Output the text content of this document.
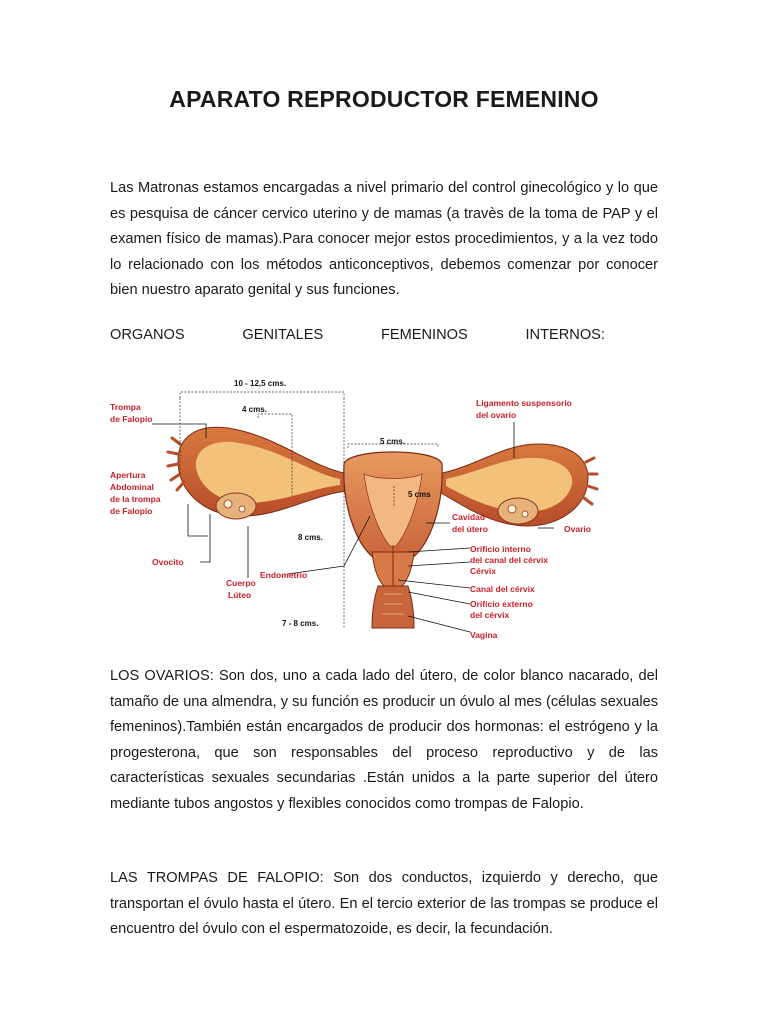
APARATO REPRODUCTOR FEMENINO

Las Matronas estamos encargadas a nivel primario del control ginecológico y lo que es pesquisa de cáncer cervico uterino y de mamas (a travès de la toma de PAP y el examen físico de mamas).Para conocer mejor estos procedimientos, y a la vez todo lo relacionado con los métodos anticonceptivos, debemos comenzar por conocer bien nuestro aparato genital y sus funciones.

ORGANOS	GENITALES	FEMENINOS	INTERNOS:
10 - 12,5 cms.
4 cms.
5 cms.
5 cms
8 cms.
7 - 8 cms.
Trompa
de Falopio
Apertura
Abdominal
de la trompa
de Falopio
Ovocito
Cuerpo
Lúteo
Endometrio
Ligamento suspensorio
del ovario
Cavidad
del útero	Ovario
Orificio interno
del canal del cérvix
Cérvix
Canal del cérvix
Orificio externo
del cérvix
Vagina

LOS OVARIOS: Son dos, uno a cada lado del útero, de color blanco nacarado, del tamaño de una almendra, y su función es producir un óvulo al mes (células sexuales femeninos).También están encargados de producir dos hormonas: el estrógeno y la progesterona, que son responsables del proceso reproductivo y de las características sexuales secundarias .Están unidos a la parte superior del útero mediante tubos angostos y flexibles conocidos como trompas de Falopio.

LAS TROMPAS DE FALOPIO: Son dos conductos, izquierdo y derecho, que transportan el óvulo hasta el útero. En el tercio exterior de las trompas se produce el encuentro del óvulo con el espermatozoide, es decir, la fecundación.
